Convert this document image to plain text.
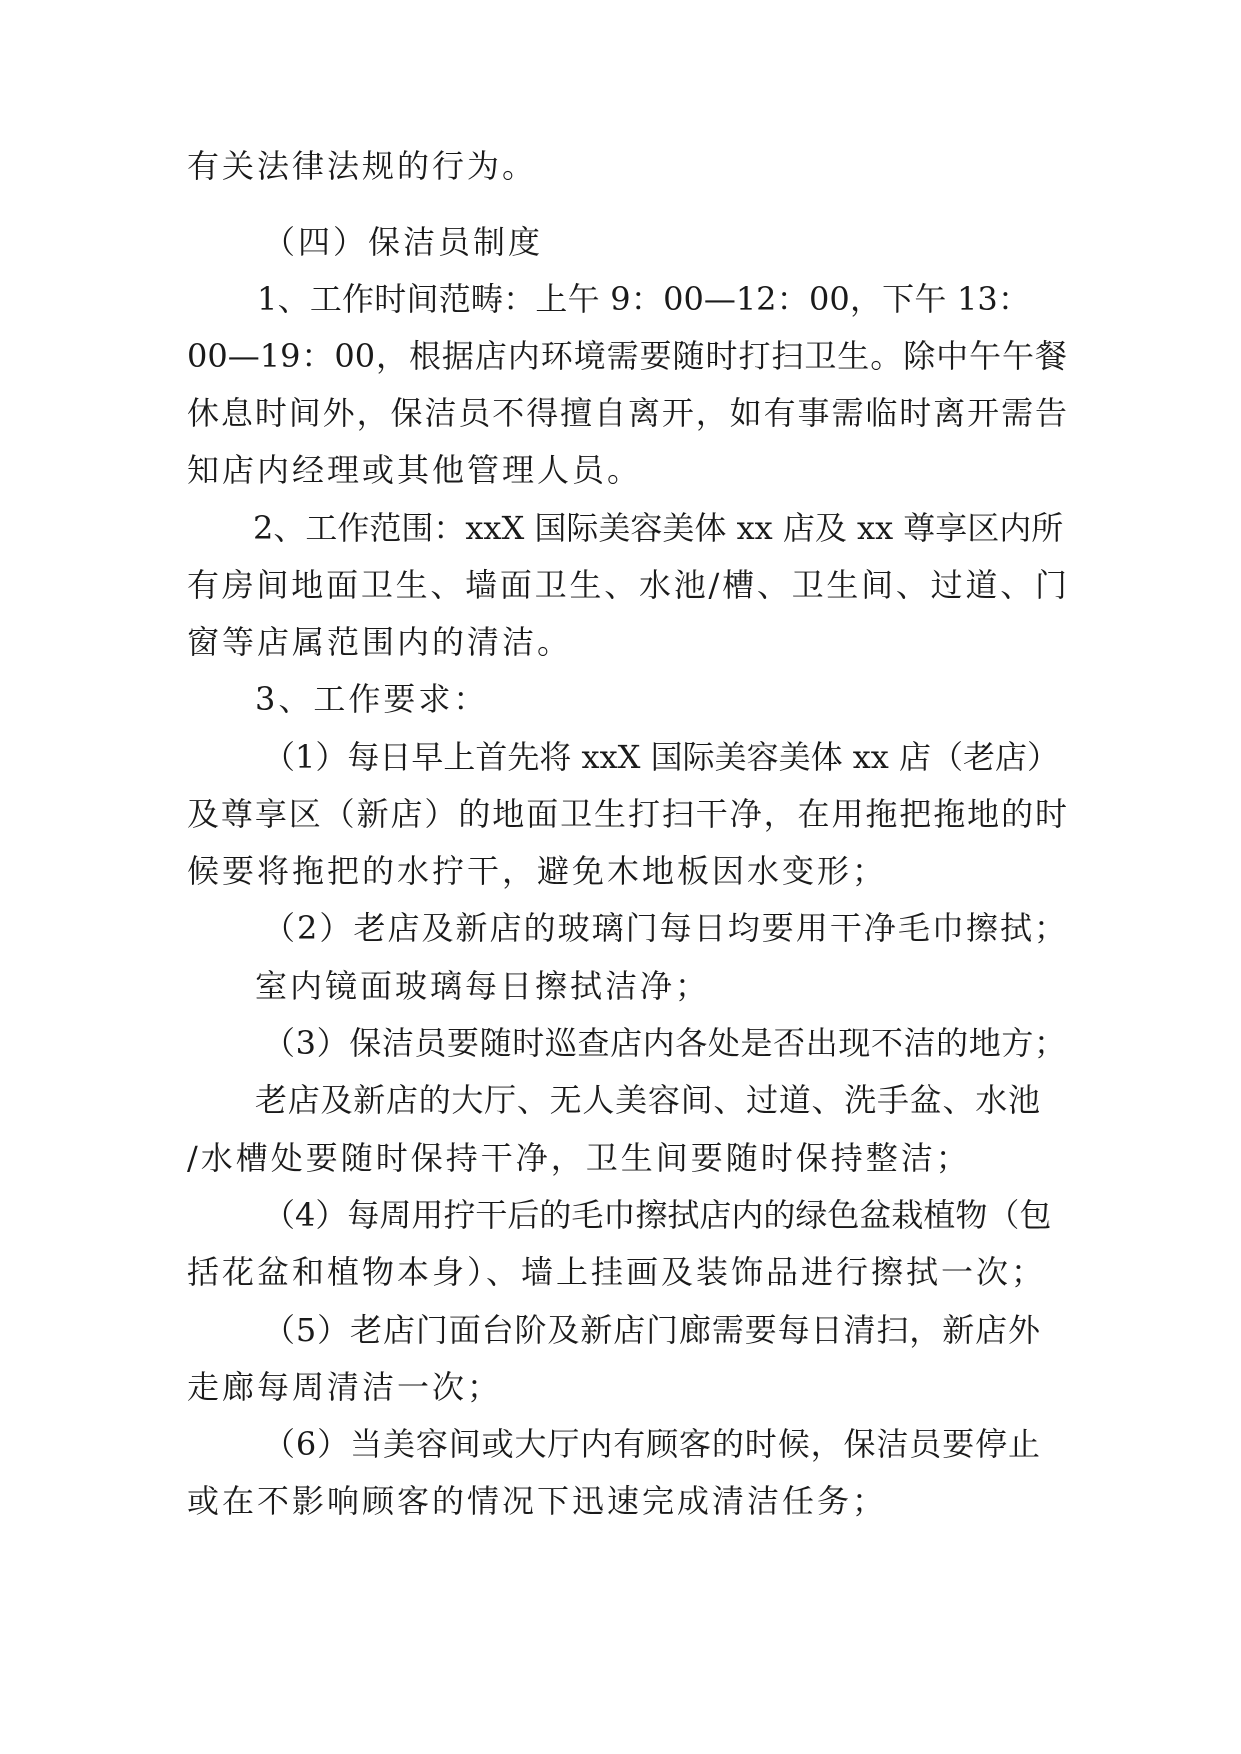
有关法律法规的行为。
（四）保洁员制度
1、工作时间范畴：上午 9：00—12：00，下午 13：
00—19：00，根据店内环境需要随时打扫卫生。除中午午餐
休息时间外，保洁员不得擅自离开，如有事需临时离开需告
知店内经理或其他管理人员。
2、工作范围：xxX 国际美容美体 xx 店及 xx 尊享区内所
有房间地面卫生、墙面卫生、水池/槽、卫生间、过道、门
窗等店属范围内的清洁。
3、工作要求：
（1）每日早上首先将 xxX 国际美容美体 xx 店（老店）
及尊享区（新店）的地面卫生打扫干净，在用拖把拖地的时
候要将拖把的水拧干，避免木地板因水变形；
（2）老店及新店的玻璃门每日均要用干净毛巾擦拭；
室内镜面玻璃每日擦拭洁净；
（3）保洁员要随时巡查店内各处是否出现不洁的地方；
老店及新店的大厅、无人美容间、过道、洗手盆、水池
/水槽处要随时保持干净，卫生间要随时保持整洁；
（4）每周用拧干后的毛巾擦拭店内的绿色盆栽植物（包
括花盆和植物本身）、墙上挂画及装饰品进行擦拭一次；
（5）老店门面台阶及新店门廊需要每日清扫，新店外
走廊每周清洁一次；
（6）当美容间或大厅内有顾客的时候，保洁员要停止
或在不影响顾客的情况下迅速完成清洁任务；
